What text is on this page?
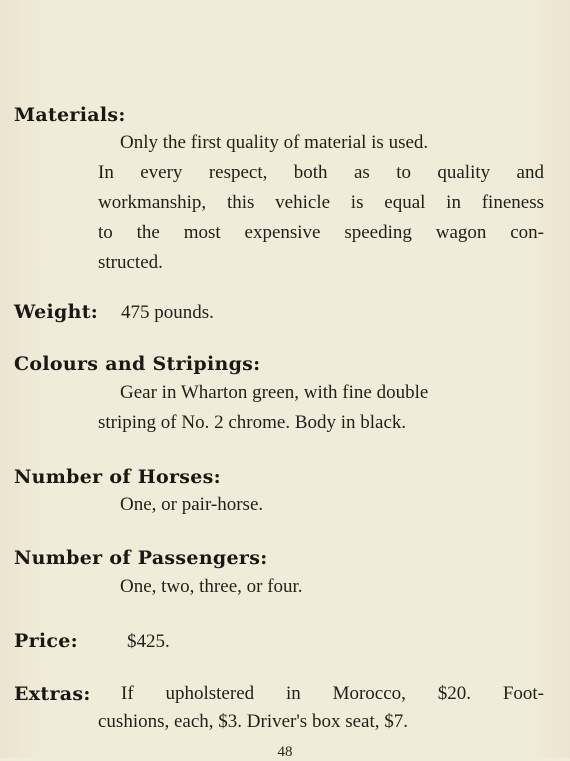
Materials:
Only the first quality of material is used.
In every respect, both as to quality and
workmanship, this vehicle is equal in fineness
to the most expensive speeding wagon con-
structed.
Weight: 475 pounds.
Colours and Stripings:
Gear in Wharton green, with fine double
striping of No. 2 chrome. Body in black.
Number of Horses:
One, or pair-horse.
Number of Passengers:
One, two, three, or four.
Price:	$425.
Extras: If upholstered in Morocco, $20. Foot-
cushions, each, $3. Driver's box seat, $7.
48
